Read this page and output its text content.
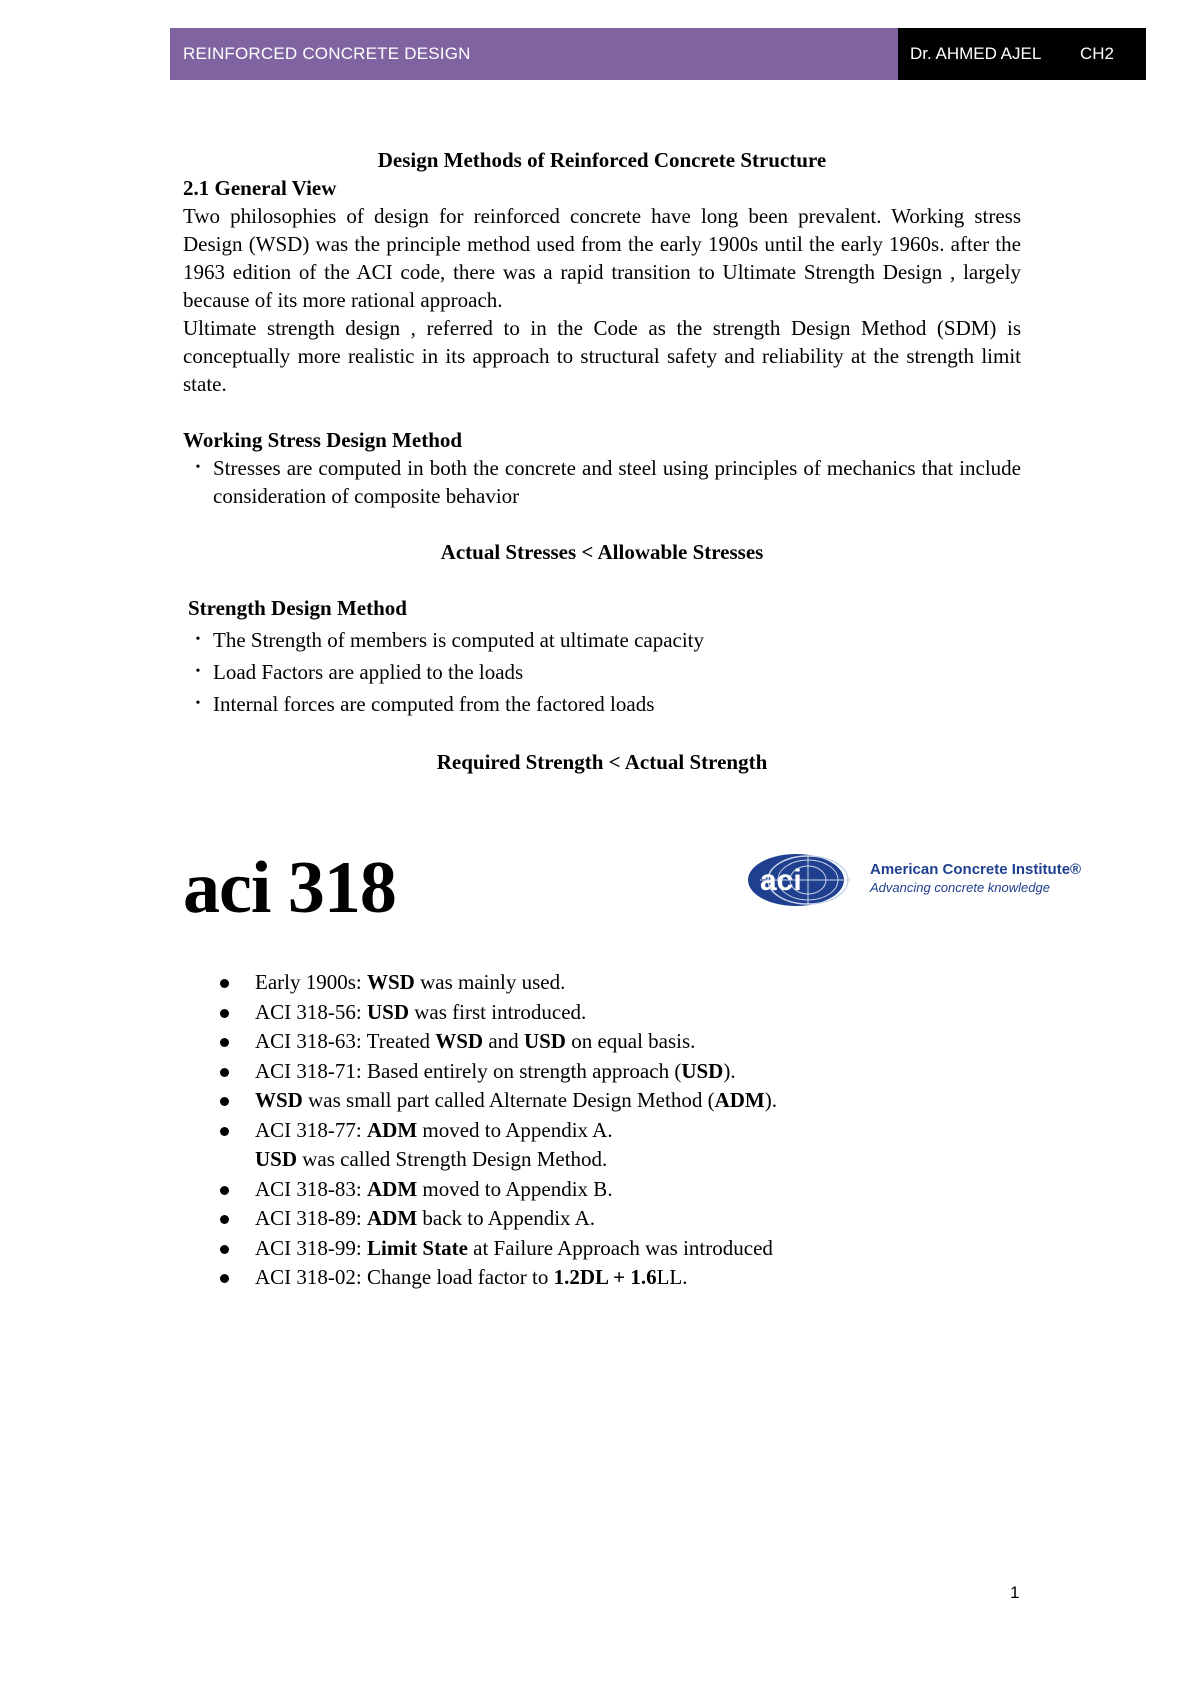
REINFORCED CONCRETE DESIGN	Dr. AHMED AJEL	CH2
Design Methods of Reinforced Concrete Structure
2.1 General View

Two philosophies of design for reinforced concrete have long been prevalent. Working stress Design (WSD) was the principle method used from the early 1900s until the early 1960s. after the 1963 edition of the ACI code, there was a rapid transition to Ultimate Strength Design , largely because of its more rational approach.

Ultimate strength design , referred to in the Code as the strength Design Method (SDM) is conceptually more realistic in its approach to structural safety and reliability at the strength limit state.

Working Stress Design Method
• Stresses are computed in both the concrete and steel using principles of mechanics that include consideration of composite behavior
Actual Stresses < Allowable Stresses
Strength Design Method
• The Strength of members is computed at ultimate capacity
• Load Factors are applied to the loads
• Internal forces are computed from the factored loads
Required Strength < Actual Strength
aci 318	aci	American Concrete Institute®
Advancing concrete knowledge
Early 1900s: WSD was mainly used.
ACI 318-56: USD was first introduced.
ACI 318-63: Treated WSD and USD on equal basis.
ACI 318-71: Based entirely on strength approach (USD).
WSD was small part called Alternate Design Method (ADM).
ACI 318-77: ADM moved to Appendix A.
USD was called Strength Design Method.
ACI 318-83: ADM moved to Appendix B.
ACI 318-89: ADM back to Appendix A.
ACI 318-99: Limit State at Failure Approach was introduced
ACI 318-02: Change load factor to 1.2DL + 1.6LL.
1
